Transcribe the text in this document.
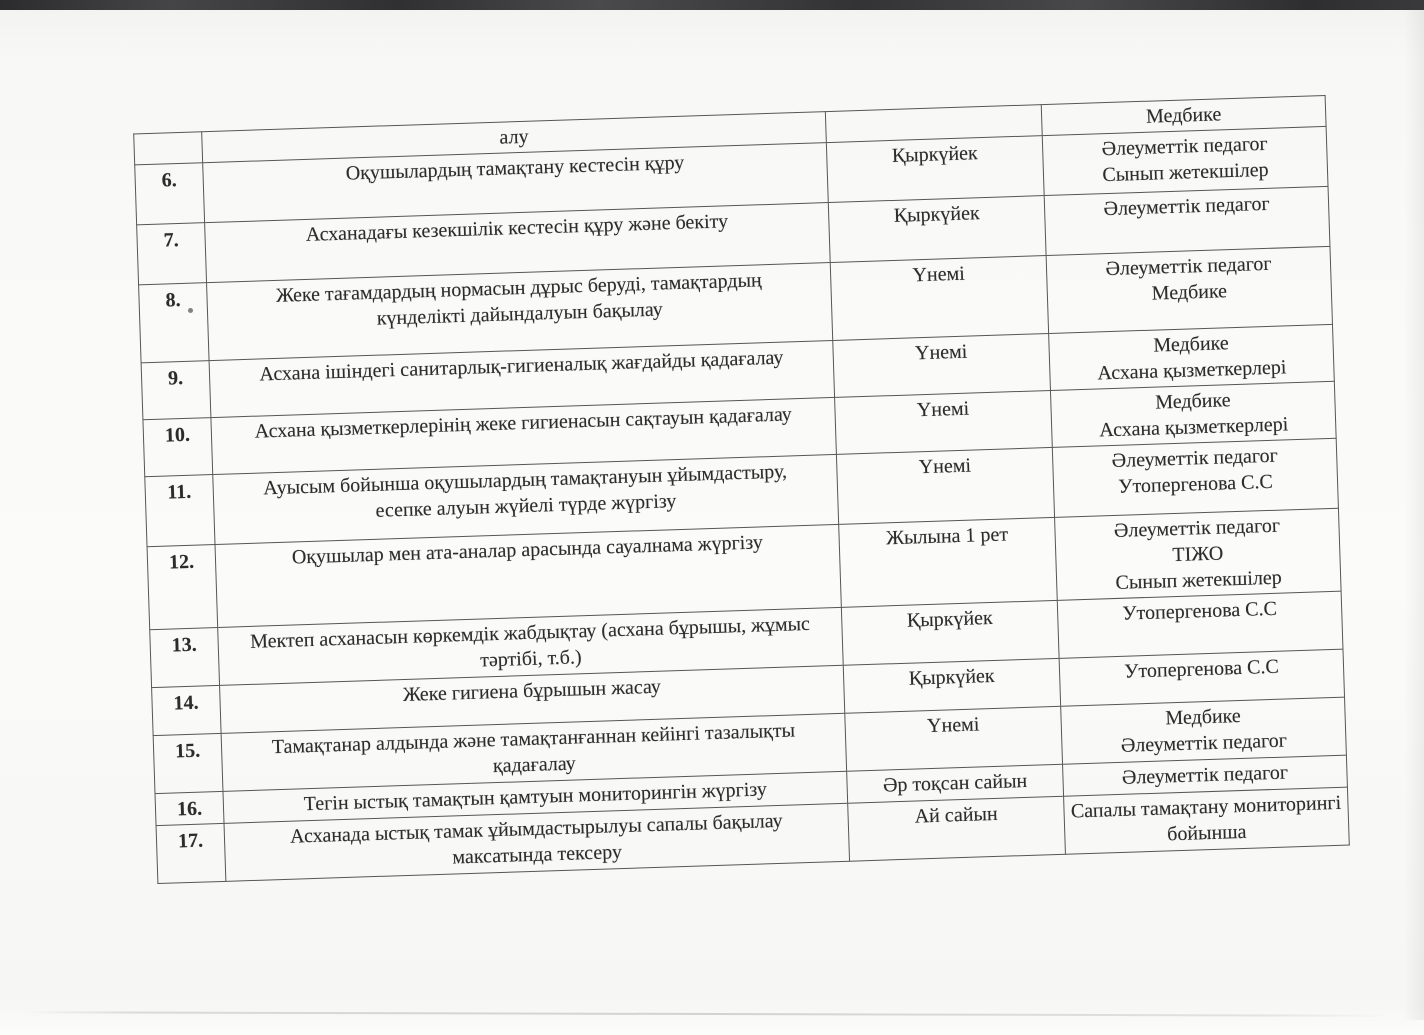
	алу		Медбике

6.	Оқушылардың тамақтану кестесін құру	Қыркүйек	Әлеуметтік педагог
Сынып жетекшілер

7.	Асханадағы кезекшілік кестесін құру және бекіту	Қыркүйек	Әлеуметтік педагог

8.	Жеке тағамдардың нормасын дұрыс беруді, тамақтардың күнделікті дайындалуын бақылау	Үнемі	Әлеуметтік педагог
Медбике

9.	Асхана ішіндегі санитарлық-гигиеналық жағдайды қадағалау	Үнемі	Медбике
Асхана қызметкерлері

10.	Асхана қызметкерлерінің жеке гигиенасын сақтауын қадағалау	Үнемі	Медбике
Асхана қызметкерлері

11.	Ауысым бойынша оқушылардың тамақтануын ұйымдастыру, есепке алуын жүйелі түрде жүргізу	Үнемі	Әлеуметтік педагог
Утопергенова С.С

12.	Оқушылар мен ата-аналар арасында сауалнама жүргізу	Жылына 1 рет	Әлеуметтік педагог
ТІЖО
Сынып жетекшілер

13.	Мектеп асханасын көркемдік жабдықтау (асхана бұрышы, жұмыс тәртібі, т.б.)	Қыркүйек	Утопергенова С.С

14.	Жеке гигиена бұрышын жасау	Қыркүйек	Утопергенова С.С

15.	Тамақтанар алдында және тамақтанғаннан кейінгі тазалықты қадағалау	Үнемі	Медбике
Әлеуметтік педагог

16.	Тегін ыстық тамақтын қамтуын мониторингін жүргізу	Әр тоқсан сайын	Әлеуметтік педагог

17.	Асханада ыстық тамак ұйымдастырылуы сапалы бақылау максатында тексеру	Ай сайын	Сапалы тамақтану мониторингі бойынша
